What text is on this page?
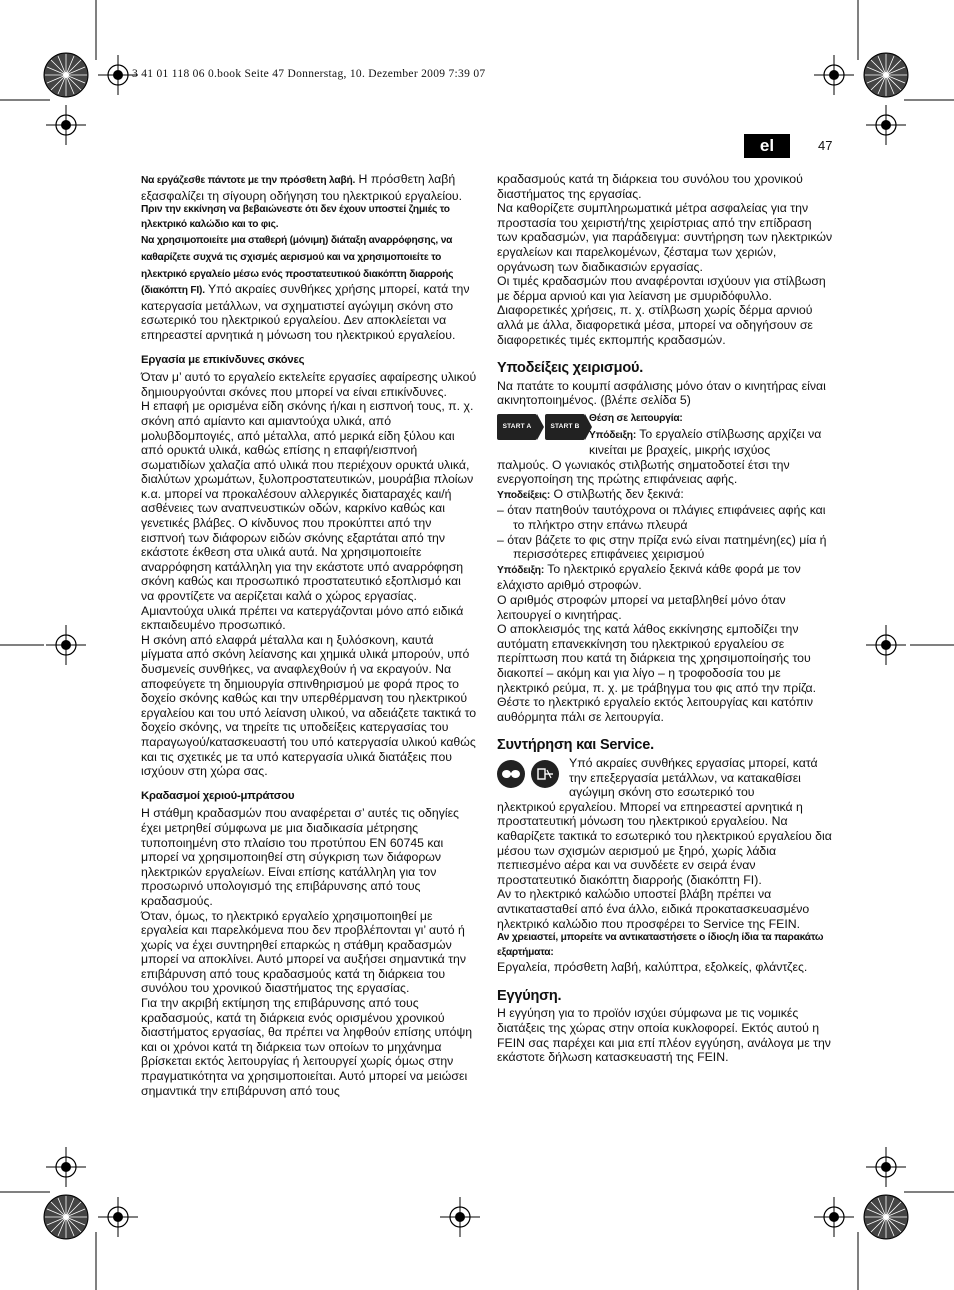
3 41 01 118 06 0.book Seite 47 Donnerstag, 10. Dezember 2009 7:39 07
el	47

Να εργάζεσθε πάντοτε με την πρόσθετη λαβή. Η πρόσθετη λαβή εξασφαλίζει τη σίγουρη οδήγηση του ηλεκτρικού εργαλείου.

Πριν την εκκίνηση να βεβαιώνεστε ότι δεν έχουν υποστεί ζημιές το ηλεκτρικό καλώδιο και το φις.

Να χρησιμοποιείτε μια σταθερή (μόνιμη) διάταξη αναρρόφησης, να καθαρίζετε συχνά τις σχισμές αερισμού και να χρησιμοποιείτε το ηλεκτρικό εργαλείο μέσω ενός προστατευτικού διακόπτη διαρροής (διακόπτη FI). Υπό ακραίες συνθήκες χρήσης μπορεί, κατά την κατεργασία μετάλλων, να σχηματιστεί αγώγιμη σκόνη στο εσωτερικό του ηλεκτρικού εργαλείου. Δεν αποκλείεται να επηρεαστεί αρνητικά η μόνωση του ηλεκτρικού εργαλείου.

Εργασία με επικίνδυνες σκόνες

Όταν μ’ αυτό το εργαλείο εκτελείτε εργασίες αφαίρεσης υλικού δημιουργούνται σκόνες που μπορεί να είναι επικίνδυνες.
Η επαφή με ορισμένα είδη σκόνης ή/και η εισπνοή τους, π. χ. σκόνη από αμίαντο και αμιαντούχα υλικά, από μολυβδομπογιές, από μέταλλα, από μερικά είδη ξύλου και από ορυκτά υλικά, καθώς επίσης η επαφή/εισπνοή σωματιδίων χαλαζία από υλικά που περιέχουν ορυκτά υλικά, διαλύτων χρωμάτων, ξυλοπροστατευτικών, μουράβια πλοίων κ.α. μπορεί να προκαλέσουν αλλεργικές διαταραχές και/ή ασθένειες των αναπνευστικών οδών, καρκίνο καθώς και γενετικές βλάβες. Ο κίνδυνος που προκύπτει από την εισπνοή των διάφορων ειδών σκόνης εξαρτάται από την εκάστοτε έκθεση στα υλικά αυτά. Να χρησιμοποιείτε αναρρόφηση κατάλληλη για την εκάστοτε υπό αναρρόφηση σκόνη καθώς και προσωπικό προστατευτικό εξοπλισμό και να φροντίζετε να αερίζεται καλά ο χώρος εργασίας. Αμιαντούχα υλικά πρέπει να κατεργάζονται μόνο από ειδικά εκπαιδευμένο προσωπικό.
Η σκόνη από ελαφρά μέταλλα και η ξυλόσκονη, καυτά μίγματα από σκόνη λείανσης και χημικά υλικά μπορούν, υπό δυσμενείς συνθήκες, να αναφλεχθούν ή να εκραγούν. Να αποφεύγετε τη δημιουργία σπινθηρισμού με φορά προς το δοχείο σκόνης καθώς και την υπερθέρμανση του ηλεκτρικού εργαλείου και του υπό λείανση υλικού, να αδειάζετε τακτικά το δοχείο σκόνης, να τηρείτε τις υποδείξεις κατεργασίας του παραγωγού/κατασκευαστή του υπό κατεργασία υλικού καθώς και τις σχετικές με τα υπό κατεργασία υλικά διατάξεις που ισχύουν στη χώρα σας.

Κραδασμοί χεριού-μπράτσου

Η στάθμη κραδασμών που αναφέρεται σ’ αυτές τις οδηγίες έχει μετρηθεί σύμφωνα με μια διαδικασία μέτρησης τυποποιημένη στο πλαίσιο του προτύπου EN 60745 και μπορεί να χρησιμοποιηθεί στη σύγκριση των διάφορων ηλεκτρικών εργαλείων. Είναι επίσης κατάλληλη για τον προσωρινό υπολογισμό της επιβάρυνσης από τους κραδασμούς.
Όταν, όμως, το ηλεκτρικό εργαλείο χρησιμοποιηθεί με εργαλεία και παρελκόμενα που δεν προβλέπονται γι’ αυτό ή χωρίς να έχει συντηρηθεί επαρκώς η στάθμη κραδασμών μπορεί να αποκλίνει. Αυτό μπορεί να αυξήσει σημαντικά την επιβάρυνση από τους κραδασμούς κατά τη διάρκεια του συνόλου του χρονικού διαστήματος της εργασίας.
Για την ακριβή εκτίμηση της επιβάρυνσης από τους κραδασμούς, κατά τη διάρκεια ενός ορισμένου χρονικού διαστήματος εργασίας, θα πρέπει να ληφθούν επίσης υπόψη και οι χρόνοι κατά τη διάρκεια των οποίων το μηχάνημα βρίσκεται εκτός λειτουργίας ή λειτουργεί χωρίς όμως στην πραγματικότητα να χρησιμοποιείται. Αυτό μπορεί να μειώσει σημαντικά την επιβάρυνση από τους

κραδασμούς κατά τη διάρκεια του συνόλου του χρονικού διαστήματος της εργασίας.
Να καθορίζετε συμπληρωματικά μέτρα ασφαλείας για την προστασία του χειριστή/της χειρίστριας από την επίδραση των κραδασμών, για παράδειγμα: συντήρηση των ηλεκτρικών εργαλείων και παρελκομένων, ζέσταμα των χεριών, οργάνωση των διαδικασιών εργασίας.
Οι τιμές κραδασμών που αναφέρονται ισχύουν για στίλβωση με δέρμα αρνιού και για λείανση με σμυριδόφυλλο. Διαφορετικές χρήσεις, π. χ. στίλβωση χωρίς δέρμα αρνιού αλλά με άλλα, διαφορετικά μέσα, μπορεί να οδηγήσουν σε διαφορετικές τιμές εκπομπής κραδασμών.

Υποδείξεις χειρισμού.

Να πατάτε το κουμπί ασφάλισης μόνο όταν ο κινητήρας είναι ακινητοποιημένος. (βλέπε σελίδα 5)

START A	START B

Θέση σε λειτουργία:

Υπόδειξη: Το εργαλείο στίλβωσης αρχίζει να κινείται με βραχείς, μικρής ισχύος

παλμούς. Ο γωνιακός στιλβωτής σηματοδοτεί έτσι την ενεργοποίηση της πρώτης επιφάνειας αφής.

Υποδείξεις: Ο στιλβωτής δεν ξεκινά:

– όταν πατηθούν ταυτόχρονα οι πλάγιες επιφάνειες αφής και το πλήκτρο στην επάνω πλευρά

– όταν βάζετε το φις στην πρίζα ενώ είναι πατημένη(ες) μία ή περισσότερες επιφάνειες χειρισμού

Υπόδειξη: Το ηλεκτρικό εργαλείο ξεκινά κάθε φορά με τον ελάχιστο αριθμό στροφών.

Ο αριθμός στροφών μπορεί να μεταβληθεί μόνο όταν λειτουργεί ο κινητήρας.
Ο αποκλεισμός της κατά λάθος εκκίνησης εμποδίζει την αυτόματη επανεκκίνηση του ηλεκτρικού εργαλείου σε περίπτωση που κατά τη διάρκεια της χρησιμοποίησής του διακοπεί – ακόμη και για λίγο – η τροφοδοσία του με ηλεκτρικό ρεύμα, π. χ. με τράβηγμα του φις από την πρίζα. Θέστε το ηλεκτρικό εργαλείο εκτός λειτουργίας και κατόπιν αυθόρμητα πάλι σε λειτουργία.

Συντήρηση και Service.

Υπό ακραίες συνθήκες εργασίας μπορεί, κατά την επεξεργασία μετάλλων, να κατακαθίσει αγώγιμη σκόνη στο εσωτερικό του

ηλεκτρικού εργαλείου. Μπορεί να επηρεαστεί αρνητικά η προστατευτική μόνωση του ηλεκτρικού εργαλείου. Να καθαρίζετε τακτικά το εσωτερικό του ηλεκτρικού εργαλείου δια μέσου των σχισμών αερισμού με ξηρό, χωρίς λάδια πεπιεσμένο αέρα και να συνδέετε εν σειρά έναν προστατευτικό διακόπτη διαρροής (διακόπτη FI).
Αν το ηλεκτρικό καλώδιο υποστεί βλάβη πρέπει να αντικατασταθεί από ένα άλλο, ειδικά προκατασκευασμένο ηλεκτρικό καλώδιο που προσφέρει το Service της FEIN.

Αν χρειαστεί, μπορείτε να αντικαταστήσετε ο ίδιος/η ίδια τα παρακάτω εξαρτήματα:

Εργαλεία, πρόσθετη λαβή, καλύπτρα, εξολκείς, φλάντζες.

Εγγύηση.

Η εγγύηση για το προϊόν ισχύει σύμφωνα με τις νομικές διατάξεις της χώρας στην οποία κυκλοφορεί. Εκτός αυτού η FEIN σας παρέχει και μια επί πλέον εγγύηση, ανάλογα με την εκάστοτε δήλωση κατασκευαστή της FEIN.
